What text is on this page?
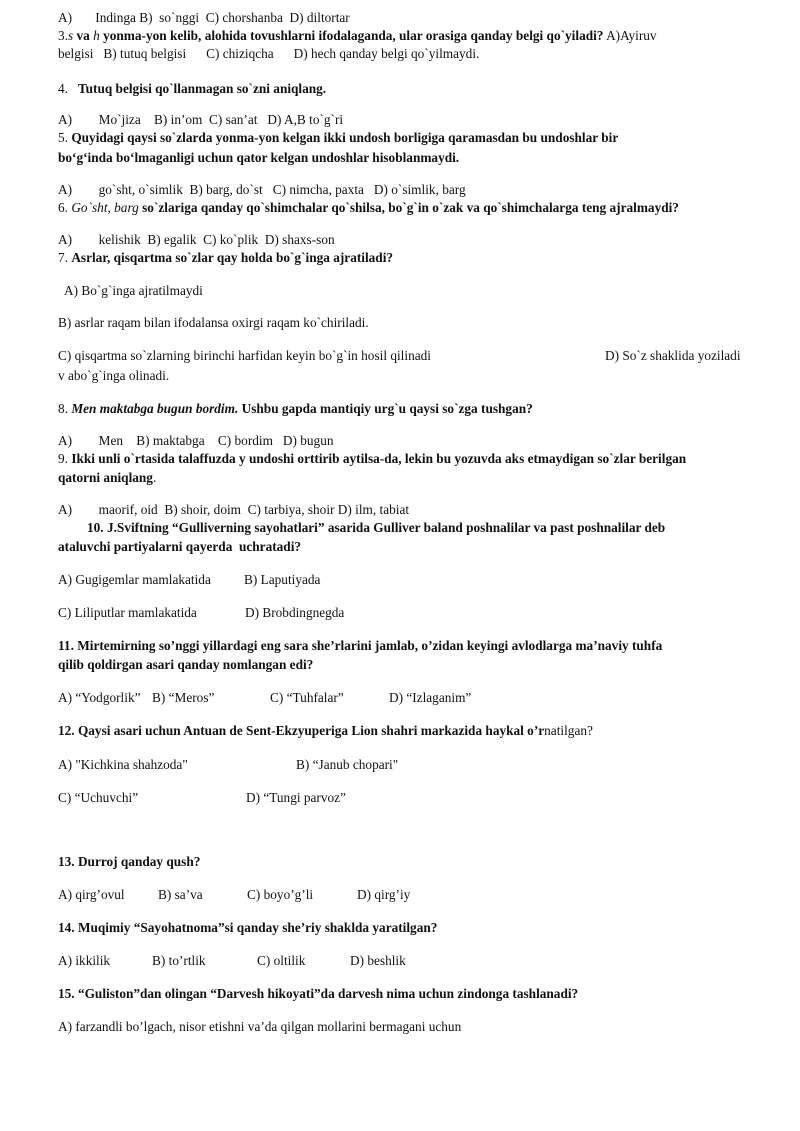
A)       Indinga B)  so`nggi  C) chorshanba  D) diltortar
3.s va h yonma-yon kelib, alohida tovushlarni ifodalaganda, ular orasiga qanday belgi qo`yiladi? A)Ayiruv
belgisi   B) tutuq belgisi      C) chiziqcha      D) hech qanday belgi qo`yilmaydi.
4. Tutuq belgisi qo`llanmagan so`zni aniqlang.
A)        Mo`jiza    B) in’om  C) san’at   D) A,B to`g`ri
5. Quyidagi qaysi so`zlarda yonma-yon kelgan ikki undosh borligiga qaramasdan bu undoshlar bir
bo‘g‘inda bo‘lmaganligi uchun qator kelgan undoshlar hisoblanmaydi.
A)        go`sht, o`simlik  B) barg, do`st   C) nimcha, paxta   D) o`simlik, barg
6. Go`sht, barg so`zlariga qanday qo`shimchalar qo`shilsa, bo`g`in o`zak va qo`shimchalarga teng ajralmaydi?
A)        kelishik  B) egalik  C) ko`plik  D) shaxs-son
7. Asrlar, qisqartma so`zlar qay holda bo`g`inga ajratiladi?
A) Bo`g`inga ajratilmaydi
B) asrlar raqam bilan ifodalansa oxirgi raqam ko`chiriladi.
C) qisqartma so`zlarning birinchi harfidan keyin bo`g`in hosil qilinadi	D) So`z shaklida yoziladi
v abo`g`inga olinadi.
8. Men maktabga bugun bordim. Ushbu gapda mantiqiy urg`u qaysi so`zga tushgan?
A)        Men    B) maktabga    C) bordim   D) bugun
9. Ikki unli o`rtasida talaffuzda y undoshi orttirib aytilsa-da, lekin bu yozuvda aks etmaydigan so`zlar berilgan
qatorni aniqlang.
A)        maorif, oid  B) shoir, doim  C) tarbiya, shoir D) ilm, tabiat
10. J.Sviftning “Gulliverning sayohatlari” asarida Gulliver baland poshnalilar va past poshnalilar deb
ataluvchi partiyalarni qayerda  uchratadi?
A) Gugigemlar mamlakatida	B) Laputiyada
C) Liliputlar mamlakatida	D) Brobdingnegda
11. Mirtemirning so’nggi yillardagi eng sara she’rlarini jamlab, o’zidan keyingi avlodlarga ma’naviy tuhfa
qilib qoldirgan asari qanday nomlangan edi?
A) “Yodgorlik” B) “Meros”	C) “Tuhfalar”	D) “Izlaganim”
12. Qaysi asari uchun Antuan de Sent-Ekzyuperiga Lion shahri markazida haykal o’rnatilgan?
A) "Kichkina shahzoda"	B) “Janub chopari"
C) “Uchuvchi”	D) “Tungi parvoz”
13. Durroj qanday qush?
A) qirg’ovul	B) sa’va	C) boyo’g’li	D) qirg’iy
14. Muqimiy “Sayohatnoma”si qanday she’riy shaklda yaratilgan?
A) ikkilik	B) to’rtlik	C) oltilik	D) beshlik
15. “Guliston”dan olingan “Darvesh hikoyati”da darvesh nima uchun zindonga tashlanadi?
A) farzandli bo’lgach, nisor etishni va’da qilgan mollarini bermagani uchun
